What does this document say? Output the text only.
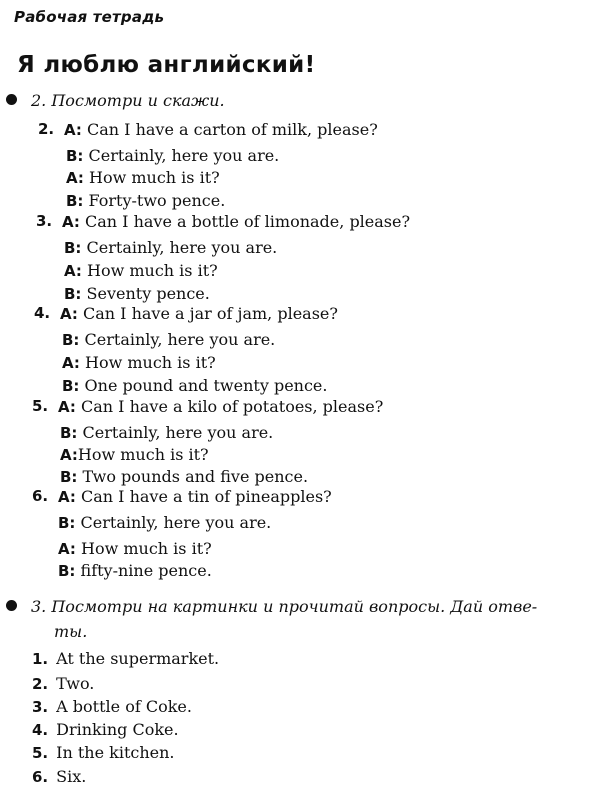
Рабочая тетрадь
Я люблю английский!
2. Посмотри и скажи.
2. A: Can I have a carton of milk, please?
B: Certainly, here you are.
A: How much is it?
B: Forty-two pence.
3. A: Can I have a bottle of limonade, please?
B: Certainly, here you are.
A: How much is it?
B: Seventy pence.
4. A: Can I have a jar of jam, please?
B: Certainly, here you are.
A: How much is it?
B: One pound and twenty pence.
5. A: Can I have a kilo of potatoes, please?
B: Certainly, here you are.
A:How much is it?
B: Two pounds and five pence.
6. A: Can I have a tin of pineapples?
B: Certainly, here you are.
A: How much is it?
B: fifty-nine pence.
3. Посмотри на картинки и прочитай вопросы. Дай отве-
ты.
1. At the supermarket.
2. Two.
3. A bottle of Coke.
4. Drinking Coke.
5. In the kitchen.
6. Six.
